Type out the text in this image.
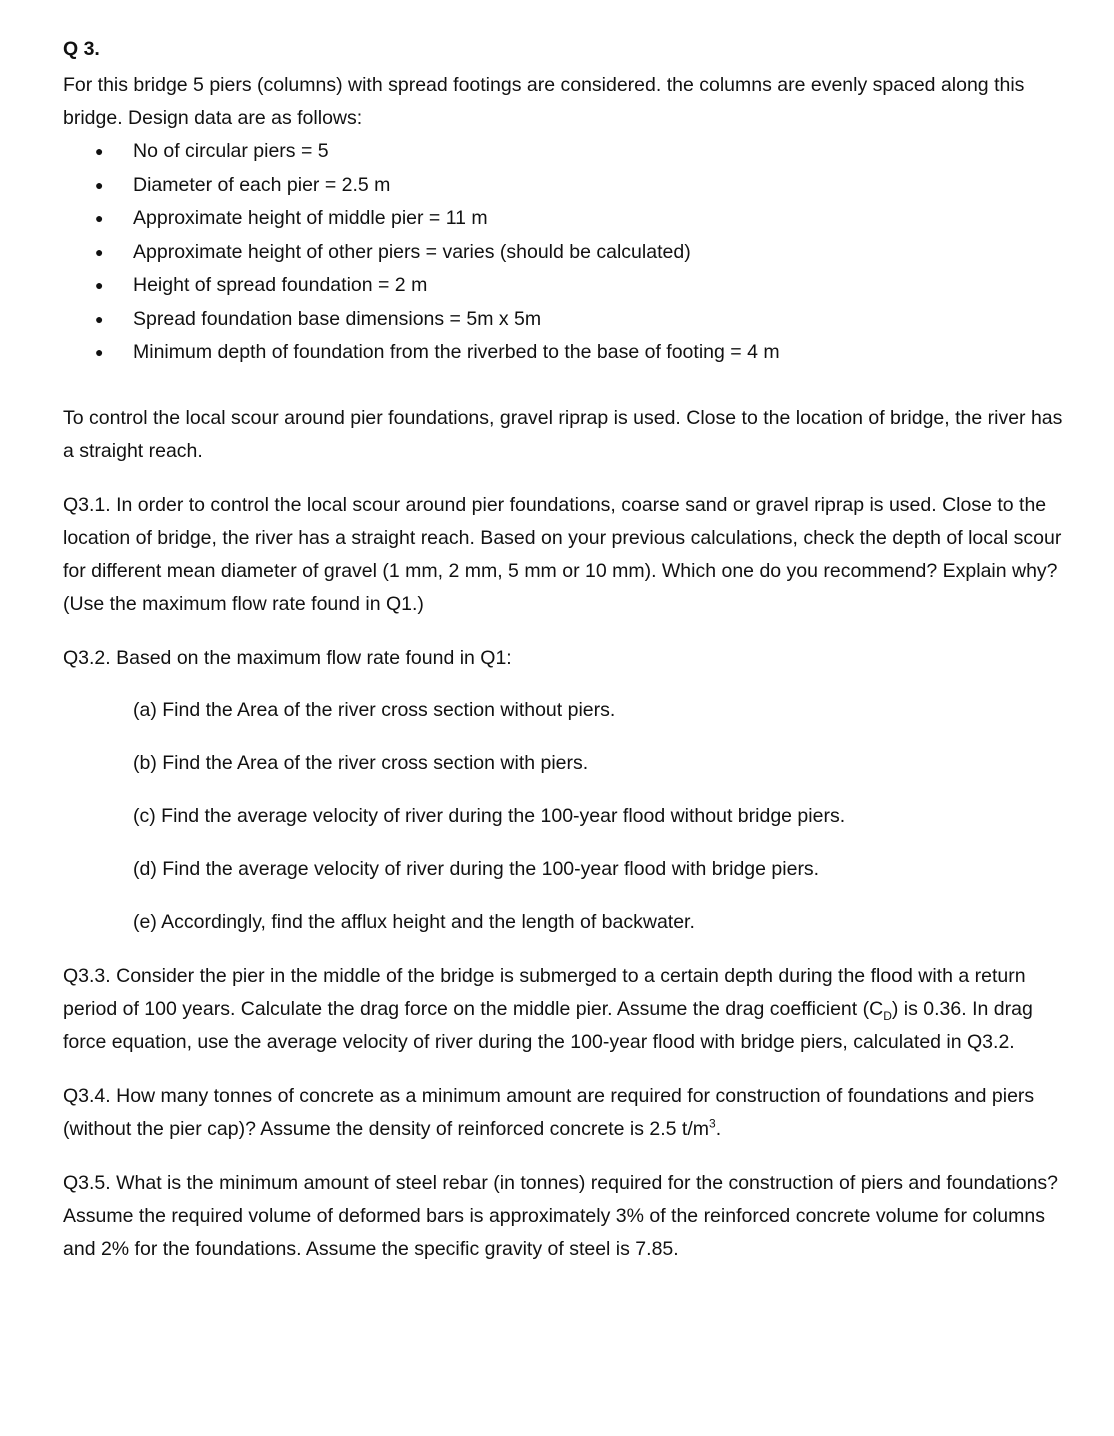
Q 3.

For this bridge 5 piers (columns) with spread footings are considered. the columns are evenly spaced along this bridge. Design data are as follows:

● No of circular piers = 5
● Diameter of each pier = 2.5 m
● Approximate height of middle pier = 11 m
● Approximate height of other piers = varies (should be calculated)
● Height of spread foundation = 2 m
● Spread foundation base dimensions = 5m x 5m
● Minimum depth of foundation from the riverbed to the base of footing = 4 m

To control the local scour around pier foundations, gravel riprap is used. Close to the location of bridge, the river has a straight reach.

Q3.1. In order to control the local scour around pier foundations, coarse sand or gravel riprap is used. Close to the location of bridge, the river has a straight reach. Based on your previous calculations, check the depth of local scour for different mean diameter of gravel (1 mm, 2 mm, 5 mm or 10 mm). Which one do you recommend? Explain why? (Use the maximum flow rate found in Q1.)

Q3.2. Based on the maximum flow rate found in Q1:

(a) Find the Area of the river cross section without piers.

(b) Find the Area of the river cross section with piers.

(c) Find the average velocity of river during the 100-year flood without bridge piers.

(d) Find the average velocity of river during the 100-year flood with bridge piers.

(e) Accordingly, find the afflux height and the length of backwater.

Q3.3. Consider the pier in the middle of the bridge is submerged to a certain depth during the flood with a return period of 100 years. Calculate the drag force on the middle pier. Assume the drag coefficient $(C_D)$ is 0.36. In drag force equation, use the average velocity of river during the 100-year flood with bridge piers, calculated in Q3.2.

Q3.4. How many tonnes of concrete as a minimum amount are required for construction of foundations and piers (without the pier cap)? Assume the density of reinforced concrete is 2.5 $t/m^3$.

Q3.5. What is the minimum amount of steel rebar (in tonnes) required for the construction of piers and foundations? Assume the required volume of deformed bars is approximately 3% of the reinforced concrete volume for columns and 2% for the foundations. Assume the specific gravity of steel is 7.85.
